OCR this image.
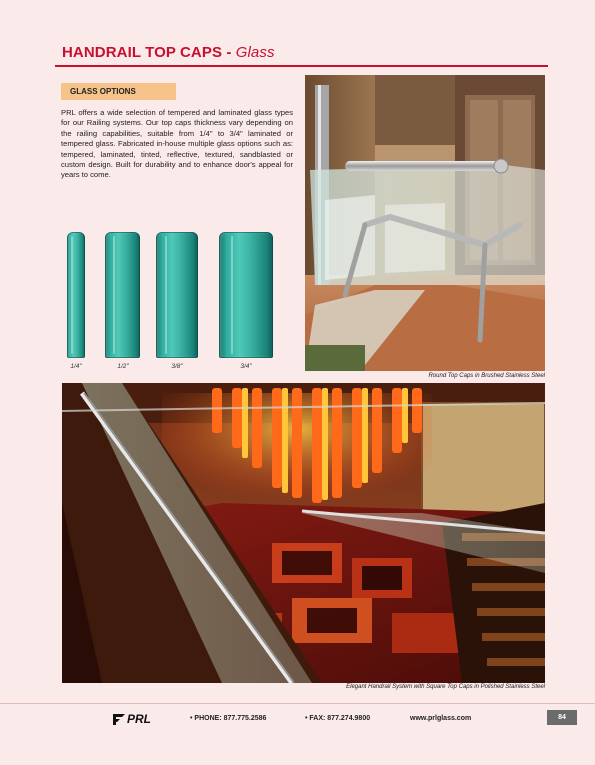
HANDRAIL TOP CAPS - Glass
GLASS OPTIONS

PRL offers a wide selection of tempered and laminated glass types for our Railing systems. Our top caps thickness vary depending on the railing capabilities, suitable from 1/4" to 3/4" laminated or tempered glass. Fabricated in-house multiple glass options such as: tempered, laminated, tinted, reflective, textured, sandblasted or custom design. Built for durability and to enhance door's appeal for years to come.

1/4"	1/2"	3/8"	3/4"
Round Top Caps in Brushed Stainless Steel
Elegant Handrail System with Square Top Caps in Polished Stainless Steel
PRL	• PHONE: 877.775.2586	• FAX: 877.274.9800	www.prlglass.com	84
